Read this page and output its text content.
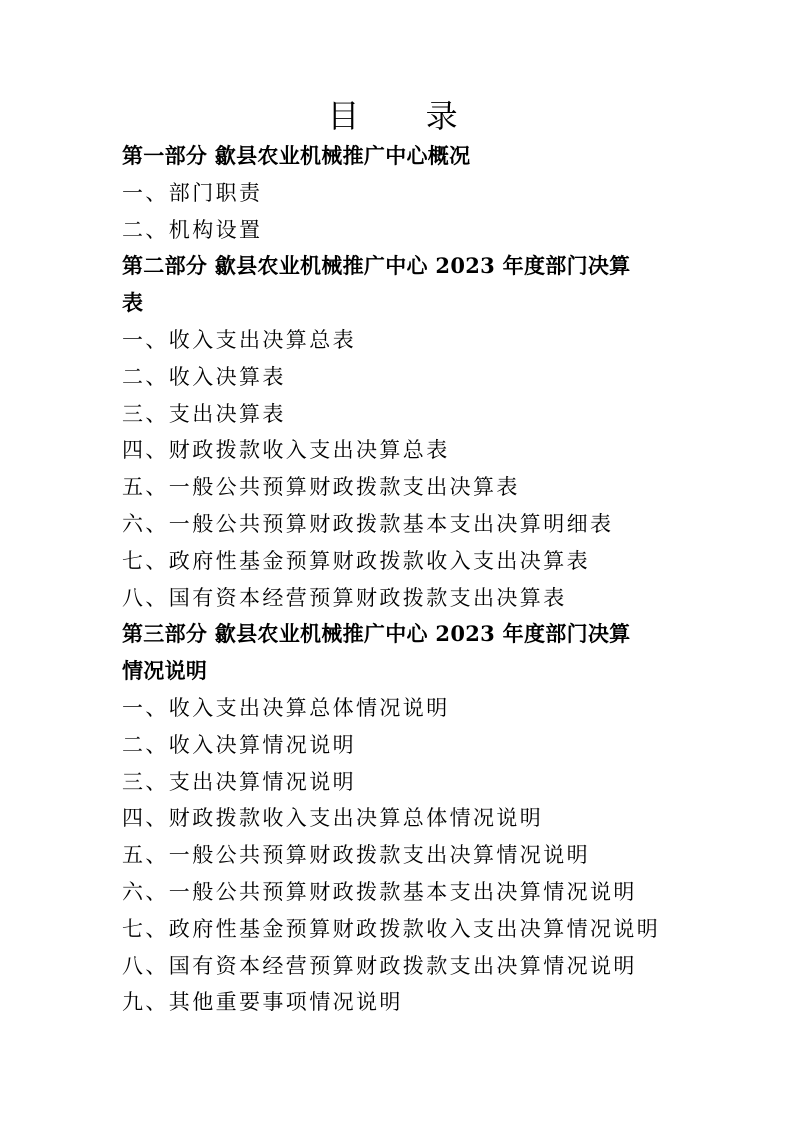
目 录
第一部分 歙县农业机械推广中心概况
一、部门职责
二、机构设置
第二部分 歙县农业机械推广中心 2023 年度部门决算
表
一、收入支出决算总表
二、收入决算表
三、支出决算表
四、财政拨款收入支出决算总表
五、一般公共预算财政拨款支出决算表
六、一般公共预算财政拨款基本支出决算明细表
七、政府性基金预算财政拨款收入支出决算表
八、国有资本经营预算财政拨款支出决算表
第三部分 歙县农业机械推广中心 2023 年度部门决算
情况说明
一、收入支出决算总体情况说明
二、收入决算情况说明
三、支出决算情况说明
四、财政拨款收入支出决算总体情况说明
五、一般公共预算财政拨款支出决算情况说明
六、一般公共预算财政拨款基本支出决算情况说明
七、政府性基金预算财政拨款收入支出决算情况说明
八、国有资本经营预算财政拨款支出决算情况说明
九、其他重要事项情况说明
